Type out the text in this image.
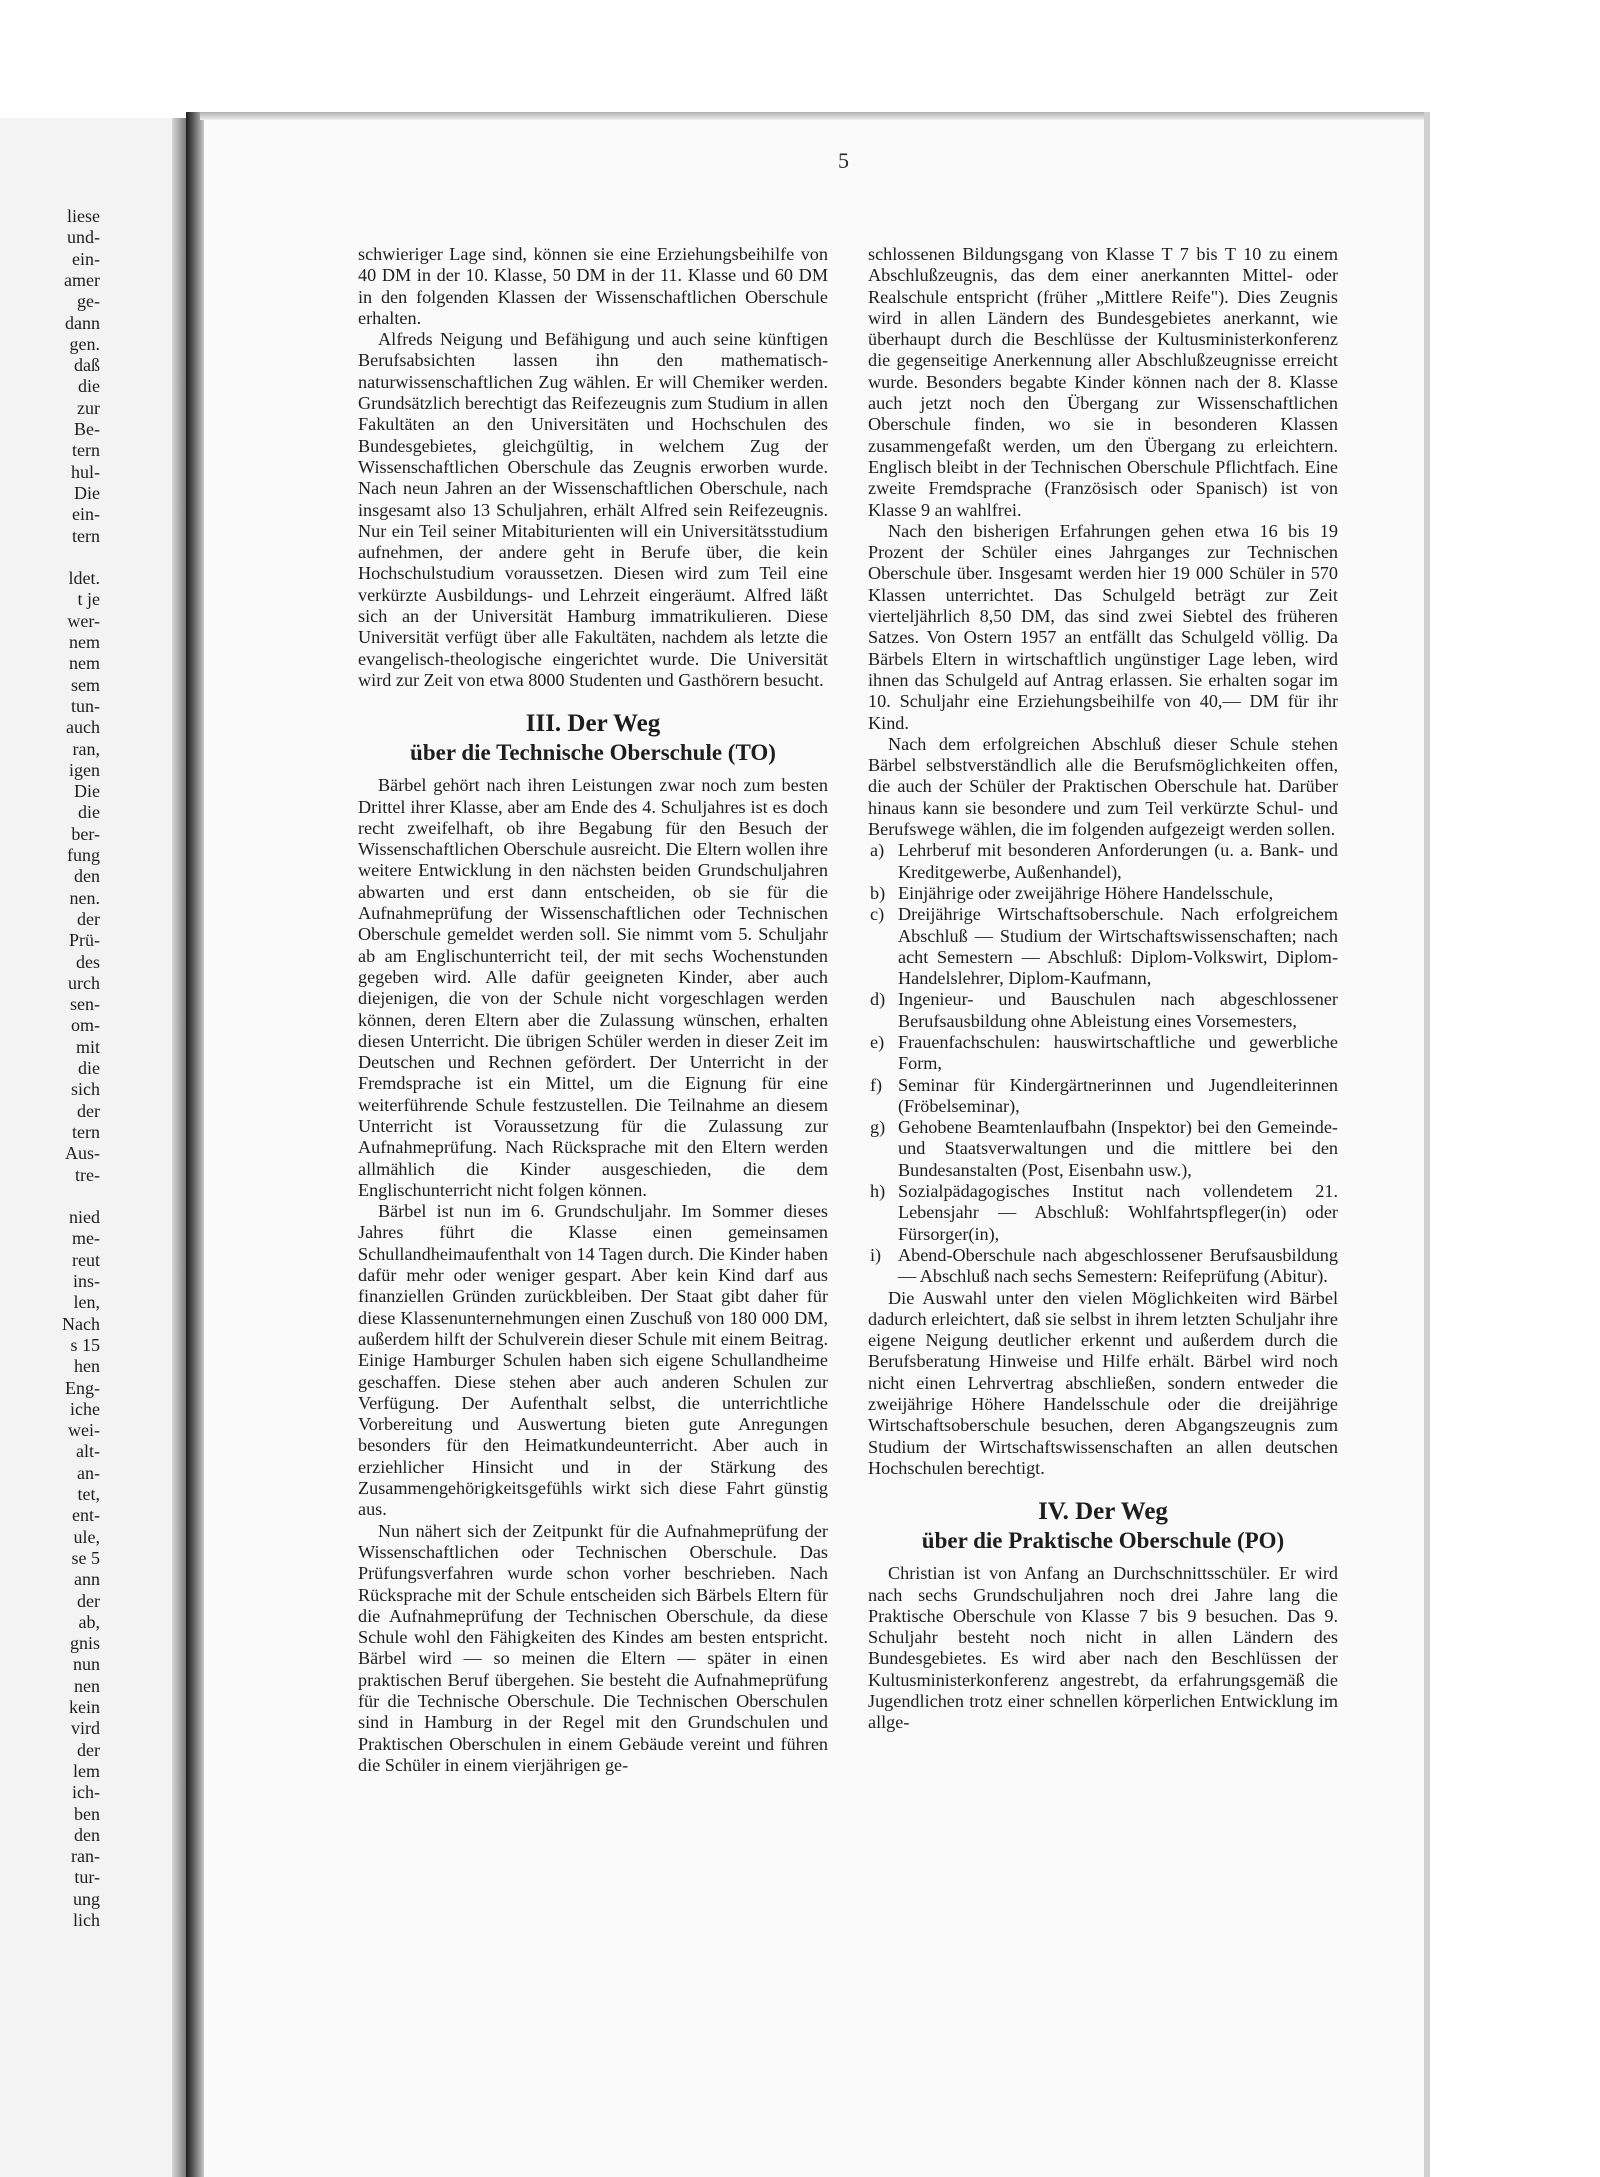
liese
und-
ein-
amer
ge-
dann
gen.
daß
die
zur
Be-
tern
hul-
Die
ein-
tern
ldet.
t je
wer-
nem
nem
sem
tun-
auch
ran,
igen
Die
die
ber-
fung
den
nen.
der
Prü-
des
urch
sen-
om-
mit
die
sich
der
tern
Aus-
tre-
nied
me-
reut
ins-
len,
Nach
s 15
hen
Eng-
iche
wei-
alt-
an-
tet,
ent-
ule,
se 5
ann
der
ab,
gnis
nun
nen
kein
vird
der
lem
ich-
ben
den
ran-
tur-
ung
lich
5

schwieriger Lage sind, können sie eine Erziehungsbeihilfe von 40 DM in der 10. Klasse, 50 DM in der 11. Klasse und 60 DM in den folgenden Klassen der Wissenschaftlichen Oberschule erhalten.

Alfreds Neigung und Befähigung und auch seine künftigen Berufsabsichten lassen ihn den mathematisch-naturwissenschaftlichen Zug wählen. Er will Chemiker werden. Grundsätzlich berechtigt das Reifezeugnis zum Studium in allen Fakultäten an den Universitäten und Hochschulen des Bundesgebietes, gleichgültig, in welchem Zug der Wissenschaftlichen Oberschule das Zeugnis erworben wurde. Nach neun Jahren an der Wissenschaftlichen Oberschule, nach insgesamt also 13 Schuljahren, erhält Alfred sein Reifezeugnis. Nur ein Teil seiner Mitabiturienten will ein Universitätsstudium aufnehmen, der andere geht in Berufe über, die kein Hochschulstudium voraussetzen. Diesen wird zum Teil eine verkürzte Ausbildungs- und Lehrzeit eingeräumt. Alfred läßt sich an der Universität Hamburg immatrikulieren. Diese Universität verfügt über alle Fakultäten, nachdem als letzte die evangelisch-theologische eingerichtet wurde. Die Universität wird zur Zeit von etwa 8000 Studenten und Gasthörern besucht.

III. Der Weg
über die Technische Oberschule (TO)

Bärbel gehört nach ihren Leistungen zwar noch zum besten Drittel ihrer Klasse, aber am Ende des 4. Schuljahres ist es doch recht zweifelhaft, ob ihre Begabung für den Besuch der Wissenschaftlichen Oberschule ausreicht. Die Eltern wollen ihre weitere Entwicklung in den nächsten beiden Grundschuljahren abwarten und erst dann entscheiden, ob sie für die Aufnahmeprüfung der Wissenschaftlichen oder Technischen Oberschule gemeldet werden soll. Sie nimmt vom 5. Schuljahr ab am Englischunterricht teil, der mit sechs Wochenstunden gegeben wird. Alle dafür geeigneten Kinder, aber auch diejenigen, die von der Schule nicht vorgeschlagen werden können, deren Eltern aber die Zulassung wünschen, erhalten diesen Unterricht. Die übrigen Schüler werden in dieser Zeit im Deutschen und Rechnen gefördert. Der Unterricht in der Fremdsprache ist ein Mittel, um die Eignung für eine weiterführende Schule festzustellen. Die Teilnahme an diesem Unterricht ist Voraussetzung für die Zulassung zur Aufnahmeprüfung. Nach Rücksprache mit den Eltern werden allmählich die Kinder ausgeschieden, die dem Englischunterricht nicht folgen können.

Bärbel ist nun im 6. Grundschuljahr. Im Sommer dieses Jahres führt die Klasse einen gemeinsamen Schullandheimaufenthalt von 14 Tagen durch. Die Kinder haben dafür mehr oder weniger gespart. Aber kein Kind darf aus finanziellen Gründen zurückbleiben. Der Staat gibt daher für diese Klassenunternehmungen einen Zuschuß von 180 000 DM, außerdem hilft der Schulverein dieser Schule mit einem Beitrag. Einige Hamburger Schulen haben sich eigene Schullandheime geschaffen. Diese stehen aber auch anderen Schulen zur Verfügung. Der Aufenthalt selbst, die unterrichtliche Vorbereitung und Auswertung bieten gute Anregungen besonders für den Heimatkundeunterricht. Aber auch in erziehlicher Hinsicht und in der Stärkung des Zusammengehörigkeitsgefühls wirkt sich diese Fahrt günstig aus.

Nun nähert sich der Zeitpunkt für die Aufnahmeprüfung der Wissenschaftlichen oder Technischen Oberschule. Das Prüfungsverfahren wurde schon vorher beschrieben. Nach Rücksprache mit der Schule entscheiden sich Bärbels Eltern für die Aufnahmeprüfung der Technischen Oberschule, da diese Schule wohl den Fähigkeiten des Kindes am besten entspricht. Bärbel wird — so meinen die Eltern — später in einen praktischen Beruf übergehen. Sie besteht die Aufnahmeprüfung für die Technische Oberschule. Die Technischen Oberschulen sind in Hamburg in der Regel mit den Grundschulen und Praktischen Oberschulen in einem Gebäude vereint und führen die Schüler in einem vierjährigen ge-

schlossenen Bildungsgang von Klasse T 7 bis T 10 zu einem Abschlußzeugnis, das dem einer anerkannten Mittel- oder Realschule entspricht (früher „Mittlere Reife"). Dies Zeugnis wird in allen Ländern des Bundesgebietes anerkannt, wie überhaupt durch die Beschlüsse der Kultusministerkonferenz die gegenseitige Anerkennung aller Abschlußzeugnisse erreicht wurde. Besonders begabte Kinder können nach der 8. Klasse auch jetzt noch den Übergang zur Wissenschaftlichen Oberschule finden, wo sie in besonderen Klassen zusammengefaßt werden, um den Übergang zu erleichtern. Englisch bleibt in der Technischen Oberschule Pflichtfach. Eine zweite Fremdsprache (Französisch oder Spanisch) ist von Klasse 9 an wahlfrei.

Nach den bisherigen Erfahrungen gehen etwa 16 bis 19 Prozent der Schüler eines Jahrganges zur Technischen Oberschule über. Insgesamt werden hier 19 000 Schüler in 570 Klassen unterrichtet. Das Schulgeld beträgt zur Zeit vierteljährlich 8,50 DM, das sind zwei Siebtel des früheren Satzes. Von Ostern 1957 an entfällt das Schulgeld völlig. Da Bärbels Eltern in wirtschaftlich ungünstiger Lage leben, wird ihnen das Schulgeld auf Antrag erlassen. Sie erhalten sogar im 10. Schuljahr eine Erziehungsbeihilfe von 40,— DM für ihr Kind.

Nach dem erfolgreichen Abschluß dieser Schule stehen Bärbel selbstverständlich alle die Berufsmöglichkeiten offen, die auch der Schüler der Praktischen Oberschule hat. Darüber hinaus kann sie besondere und zum Teil verkürzte Schul- und Berufswege wählen, die im folgenden aufgezeigt werden sollen.

a) Lehrberuf mit besonderen Anforderungen (u. a. Bank- und Kreditgewerbe, Außenhandel),
b) Einjährige oder zweijährige Höhere Handelsschule,
c) Dreijährige Wirtschaftsoberschule. Nach erfolgreichem Abschluß — Studium der Wirtschaftswissenschaften; nach acht Semestern — Abschluß: Diplom-Volkswirt, Diplom-Handelslehrer, Diplom-Kaufmann,
d) Ingenieur- und Bauschulen nach abgeschlossener Berufsausbildung ohne Ableistung eines Vorsemesters,
e) Frauenfachschulen: hauswirtschaftliche und gewerbliche Form,
f) Seminar für Kindergärtnerinnen und Jugendleiterinnen (Fröbelseminar),
g) Gehobene Beamtenlaufbahn (Inspektor) bei den Gemeinde- und Staatsverwaltungen und die mittlere bei den Bundesanstalten (Post, Eisenbahn usw.),
h) Sozialpädagogisches Institut nach vollendetem 21. Lebensjahr — Abschluß: Wohlfahrtspfleger(in) oder Fürsorger(in),
i) Abend-Oberschule nach abgeschlossener Berufsausbildung — Abschluß nach sechs Semestern: Reifeprüfung (Abitur).

Die Auswahl unter den vielen Möglichkeiten wird Bärbel dadurch erleichtert, daß sie selbst in ihrem letzten Schuljahr ihre eigene Neigung deutlicher erkennt und außerdem durch die Berufsberatung Hinweise und Hilfe erhält. Bärbel wird noch nicht einen Lehrvertrag abschließen, sondern entweder die zweijährige Höhere Handelsschule oder die dreijährige Wirtschaftsoberschule besuchen, deren Abgangszeugnis zum Studium der Wirtschaftswissenschaften an allen deutschen Hochschulen berechtigt.

IV. Der Weg
über die Praktische Oberschule (PO)

Christian ist von Anfang an Durchschnittsschüler. Er wird nach sechs Grundschuljahren noch drei Jahre lang die Praktische Oberschule von Klasse 7 bis 9 besuchen. Das 9. Schuljahr besteht noch nicht in allen Ländern des Bundesgebietes. Es wird aber nach den Beschlüssen der Kultusministerkonferenz angestrebt, da erfahrungsgemäß die Jugendlichen trotz einer schnellen körperlichen Entwicklung im allge-
